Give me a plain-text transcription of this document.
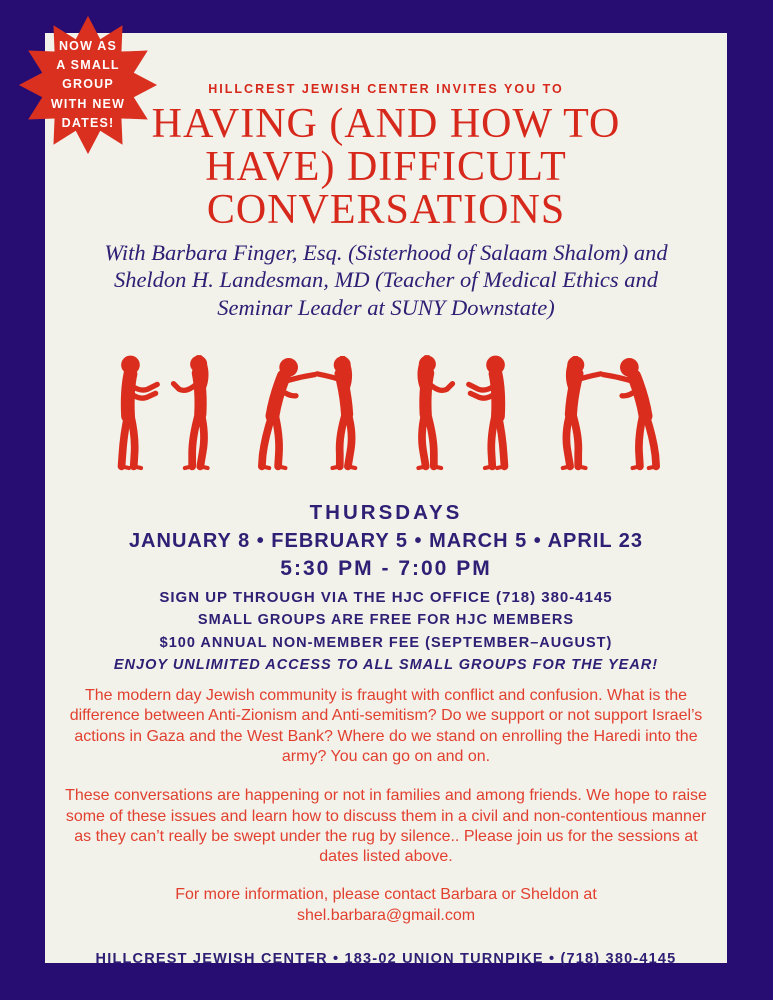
HILLCREST JEWISH CENTER INVITES YOU TO
HAVING (AND HOW TO
HAVE) DIFFICULT
CONVERSATIONS
With Barbara Finger, Esq. (Sisterhood of Salaam Shalom) and
Sheldon H. Landesman, MD (Teacher of Medical Ethics and
Seminar Leader at SUNY Downstate)
THURSDAYS
JANUARY 8 • FEBRUARY 5 • MARCH 5 • APRIL 23
5:30 PM - 7:00 PM
SIGN UP THROUGH VIA THE HJC OFFICE (718) 380-4145
SMALL GROUPS ARE FREE FOR HJC MEMBERS
$100 ANNUAL NON-MEMBER FEE (SEPTEMBER–AUGUST)
ENJOY UNLIMITED ACCESS TO ALL SMALL GROUPS FOR THE YEAR!
The modern day Jewish community is fraught with conflict and confusion. What is the difference between Anti-Zionism and Anti-semitism? Do we support or not support Israel’s actions in Gaza and the West Bank? Where do we stand on enrolling the Haredi into the army? You can go on and on.
These conversations are happening or not in families and among friends. We hope to raise some of these issues and learn how to discuss them in a civil and non-contentious manner as they can’t really be swept under the rug by silence.. Please join us for the sessions at dates listed above.
For more information, please contact Barbara or Sheldon at
shel.barbara@gmail.com
HILLCREST JEWISH CENTER • 183-02 UNION TURNPIKE • (718) 380-4145
NOW AS
A SMALL
GROUP
WITH NEW
DATES!
